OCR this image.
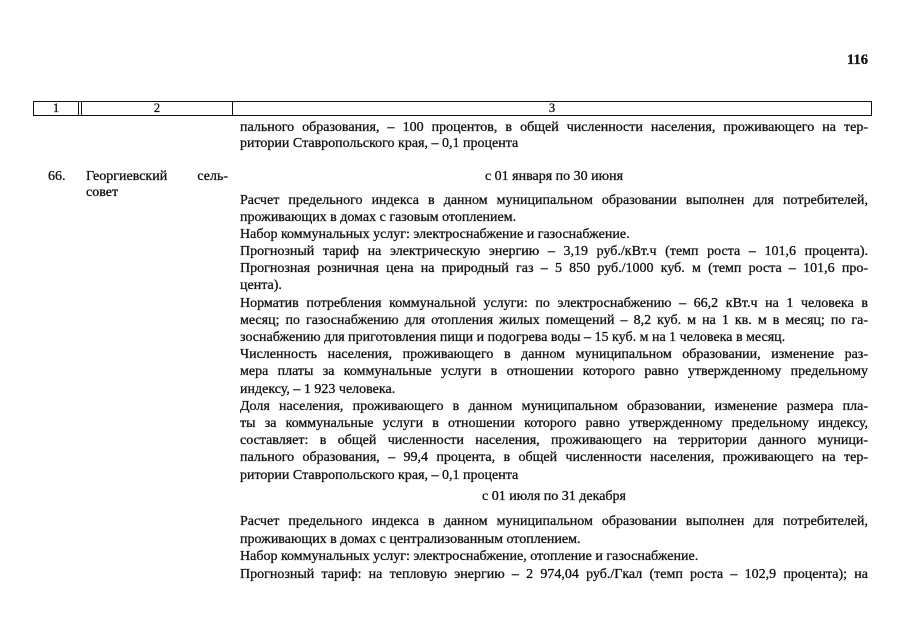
116
1	2	3
пального образования, – 100 процентов, в общей численности населения, проживающего на тер-
ритории Ставропольского края, – 0,1 процента
66. Георгиевский сель-
совет
с 01 января по 30 июня
Расчет предельного индекса в данном муниципальном образовании выполнен для потребителей,
проживающих в домах с газовым отоплением.
Набор коммунальных услуг: электроснабжение и газоснабжение.
Прогнозный тариф на электрическую энергию – 3,19 руб./кВт.ч (темп роста – 101,6 процента).
Прогнозная розничная цена на природный газ – 5 850 руб./1000 куб. м (темп роста – 101,6 про-
цента).
Норматив потребления коммунальной услуги: по электроснабжению – 66,2 кВт.ч на 1 человека в
месяц; по газоснабжению для отопления жилых помещений – 8,2 куб. м на 1 кв. м в месяц; по га-
зоснабжению для приготовления пищи и подогрева воды – 15 куб. м на 1 человека в месяц.
Численность населения, проживающего в данном муниципальном образовании, изменение раз-
мера платы за коммунальные услуги в отношении которого равно утвержденному предельному
индексу, – 1 923 человека.
Доля населения, проживающего в данном муниципальном образовании, изменение размера пла-
ты за коммунальные услуги в отношении которого равно утвержденному предельному индексу,
составляет: в общей численности населения, проживающего на территории данного муници-
пального образования, – 99,4 процента, в общей численности населения, проживающего на тер-
ритории Ставропольского края, – 0,1 процента
с 01 июля по 31 декабря
Расчет предельного индекса в данном муниципальном образовании выполнен для потребителей,
проживающих в домах с централизованным отоплением.
Набор коммунальных услуг: электроснабжение, отопление и газоснабжение.
Прогнозный тариф: на тепловую энергию – 2 974,04 руб./Гкал (темп роста – 102,9 процента); на
